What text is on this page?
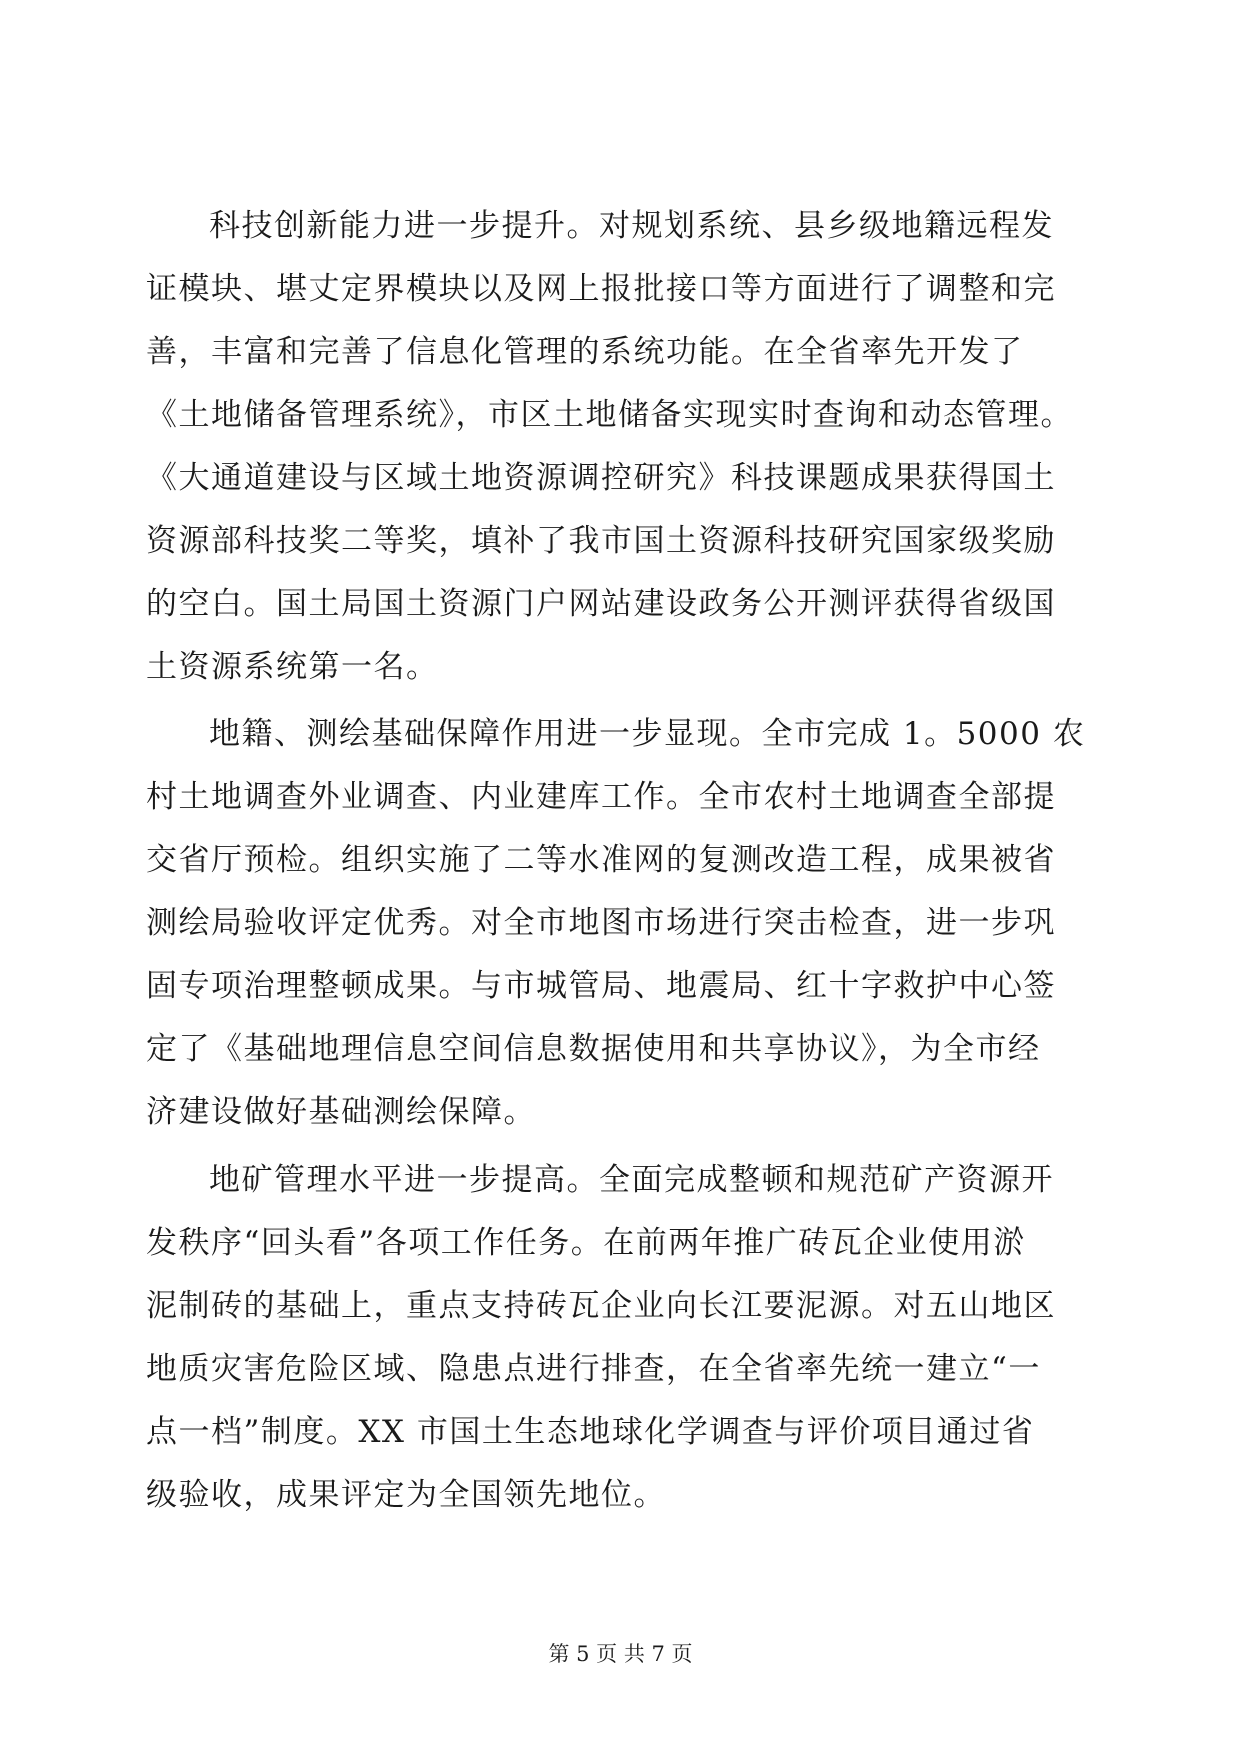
科技创新能力进一步提升。对规划系统、县乡级地籍远程发
证模块、堪丈定界模块以及网上报批接口等方面进行了调整和完
善，丰富和完善了信息化管理的系统功能。在全省率先开发了
《土地储备管理系统》，市区土地储备实现实时查询和动态管理。
《大通道建设与区域土地资源调控研究》科技课题成果获得国土
资源部科技奖二等奖，填补了我市国土资源科技研究国家级奖励
的空白。国土局国土资源门户网站建设政务公开测评获得省级国
土资源系统第一名。
地籍、测绘基础保障作用进一步显现。全市完成 1。5000 农
村土地调查外业调查、内业建库工作。全市农村土地调查全部提
交省厅预检。组织实施了二等水准网的复测改造工程，成果被省
测绘局验收评定优秀。对全市地图市场进行突击检查，进一步巩
固专项治理整顿成果。与市城管局、地震局、红十字救护中心签
定了《基础地理信息空间信息数据使用和共享协议》，为全市经
济建设做好基础测绘保障。
地矿管理水平进一步提高。全面完成整顿和规范矿产资源开
发秩序“回头看”各项工作任务。在前两年推广砖瓦企业使用淤
泥制砖的基础上，重点支持砖瓦企业向长江要泥源。对五山地区
地质灾害危险区域、隐患点进行排查，在全省率先统一建立“一
点一档”制度。XX 市国土生态地球化学调查与评价项目通过省
级验收，成果评定为全国领先地位。
第 5 页 共 7 页
